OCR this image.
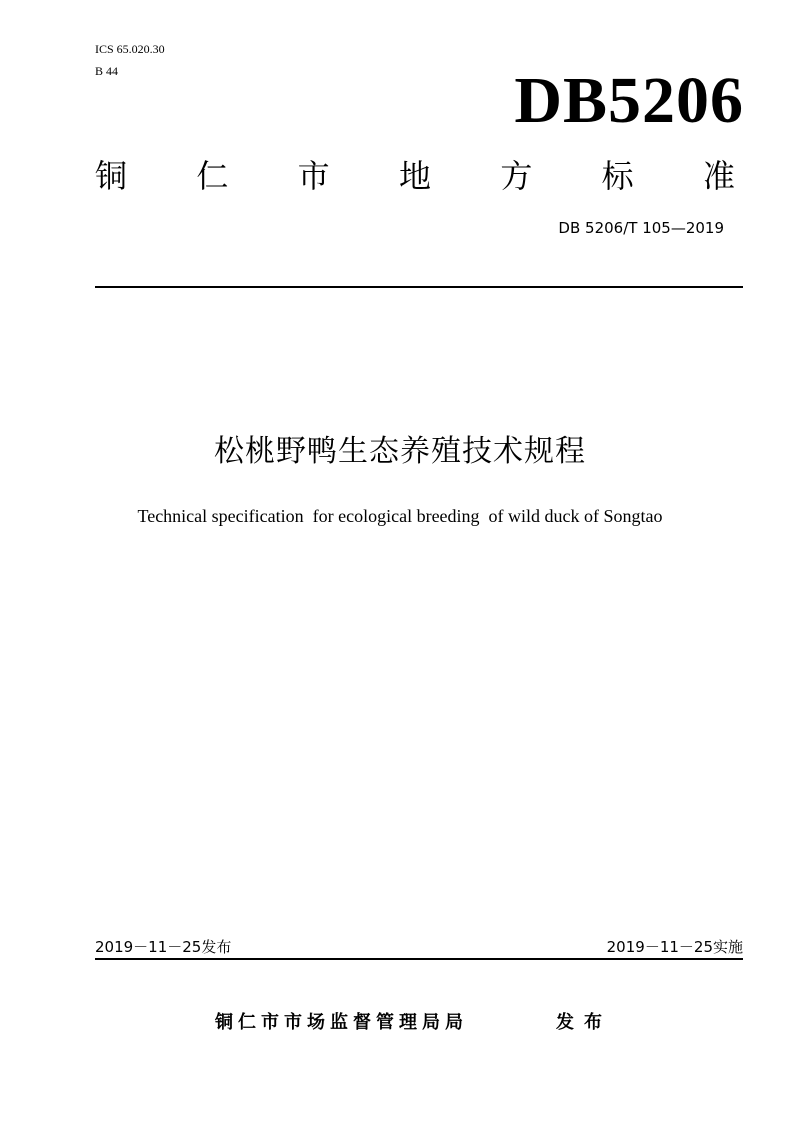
ICS 65.020.30
B 44	DB5206
铜 仁 市 地 方 标 准
DB 5206/T 105—2019
松桃野鸭生态养殖技术规程
Technical specification  for ecological breeding  of wild duck of Songtao
2019－11－25发布	2019－11－25实施
铜仁市市场监督管理局局	发布
